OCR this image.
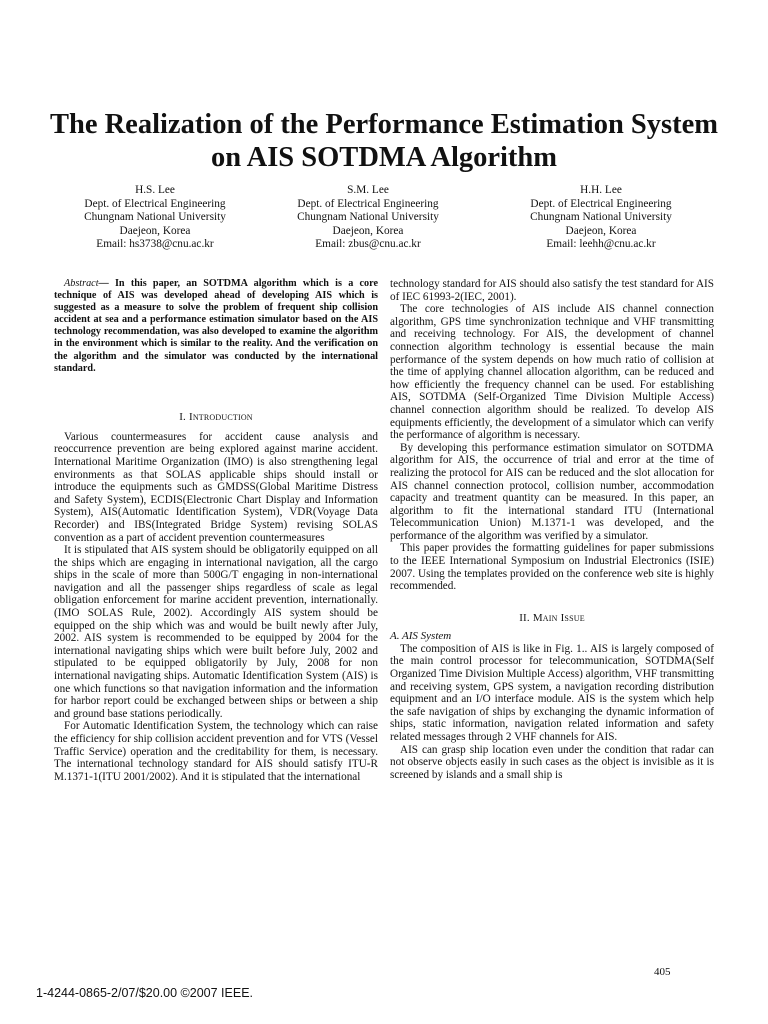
The Realization of the Performance Estimation System on AIS SOTDMA Algorithm
H.S. Lee
Dept. of Electrical Engineering
Chungnam National University
Daejeon, Korea
Email: hs3738@cnu.ac.kr
S.M. Lee
Dept. of Electrical Engineering
Chungnam National University
Daejeon, Korea
Email: zbus@cnu.ac.kr
H.H. Lee
Dept. of Electrical Engineering
Chungnam National University
Daejeon, Korea
Email: leehh@cnu.ac.kr

Abstract— In this paper, an SOTDMA algorithm which is a core technique of AIS was developed ahead of developing AIS which is suggested as a measure to solve the problem of frequent ship collision accident at sea and a performance estimation simulator based on the AIS technology recommendation, was also developed to examine the algorithm in the environment which is similar to the reality. And the verification on the algorithm and the simulator was conducted by the international standard.

I. Introduction

Various countermeasures for accident cause analysis and reoccurrence prevention are being explored against marine accident. International Maritime Organization (IMO) is also strengthening legal environments as that SOLAS applicable ships should install or introduce the equipments such as GMDSS(Global Maritime Distress and Safety System), ECDIS(Electronic Chart Display and Information System), AIS(Automatic Identification System), VDR(Voyage Data Recorder) and IBS(Integrated Bridge System) revising SOLAS convention as a part of accident prevention countermeasures

It is stipulated that AIS system should be obligatorily equipped on all the ships which are engaging in international navigation, all the cargo ships in the scale of more than 500G/T engaging in non-international navigation and all the passenger ships regardless of scale as legal obligation enforcement for marine accident prevention, internationally. (IMO SOLAS Rule, 2002). Accordingly AIS system should be equipped on the ship which was and would be built newly after July, 2002. AIS system is recommended to be equipped by 2004 for the international navigating ships which were built before July, 2002 and stipulated to be equipped obligatorily by July, 2008 for non international navigating ships. Automatic Identification System (AIS) is one which functions so that navigation information and the information for harbor report could be exchanged between ships or between a ship and ground base stations periodically.

For Automatic Identification System, the technology which can raise the efficiency for ship collision accident prevention and for VTS (Vessel Traffic Service) operation and the creditability for them, is necessary. The international technology standard for AIS should satisfy ITU-R M.1371-1(ITU 2001/2002). And it is stipulated that the international

technology standard for AIS should also satisfy the test standard for AIS of IEC 61993-2(IEC, 2001).

The core technologies of AIS include AIS channel connection algorithm, GPS time synchronization technique and VHF transmitting and receiving technology. For AIS, the development of channel connection algorithm technology is essential because the main performance of the system depends on how much ratio of collision at the time of applying channel allocation algorithm, can be reduced and how efficiently the frequency channel can be used. For establishing AIS, SOTDMA (Self-Organized Time Division Multiple Access) channel connection algorithm should be realized. To develop AIS equipments efficiently, the development of a simulator which can verify the performance of algorithm is necessary.

By developing this performance estimation simulator on SOTDMA algorithm for AIS, the occurrence of trial and error at the time of realizing the protocol for AIS can be reduced and the slot allocation for AIS channel connection protocol, collision number, accommodation capacity and treatment quantity can be measured. In this paper, an algorithm to fit the international standard ITU (International Telecommunication Union) M.1371-1 was developed, and the performance of the algorithm was verified by a simulator.

This paper provides the formatting guidelines for paper submissions to the IEEE International Symposium on Industrial Electronics (ISIE) 2007. Using the templates provided on the conference web site is highly recommended.

II. Main Issue
A. AIS System

The composition of AIS is like in Fig. 1.. AIS is largely composed of the main control processor for telecommunication, SOTDMA(Self Organized Time Division Multiple Access) algorithm, VHF transmitting and receiving system, GPS system, a navigation recording distribution equipment and an I/O interface module. AIS is the system which help the safe navigation of ships by exchanging the dynamic information of ships, static information, navigation related information and safety related messages through 2 VHF channels for AIS.

AIS can grasp ship location even under the condition that radar can not observe objects easily in such cases as the object is invisible as it is screened by islands and a small ship is

405
1-4244-0865-2/07/$20.00 ©2007 IEEE.
